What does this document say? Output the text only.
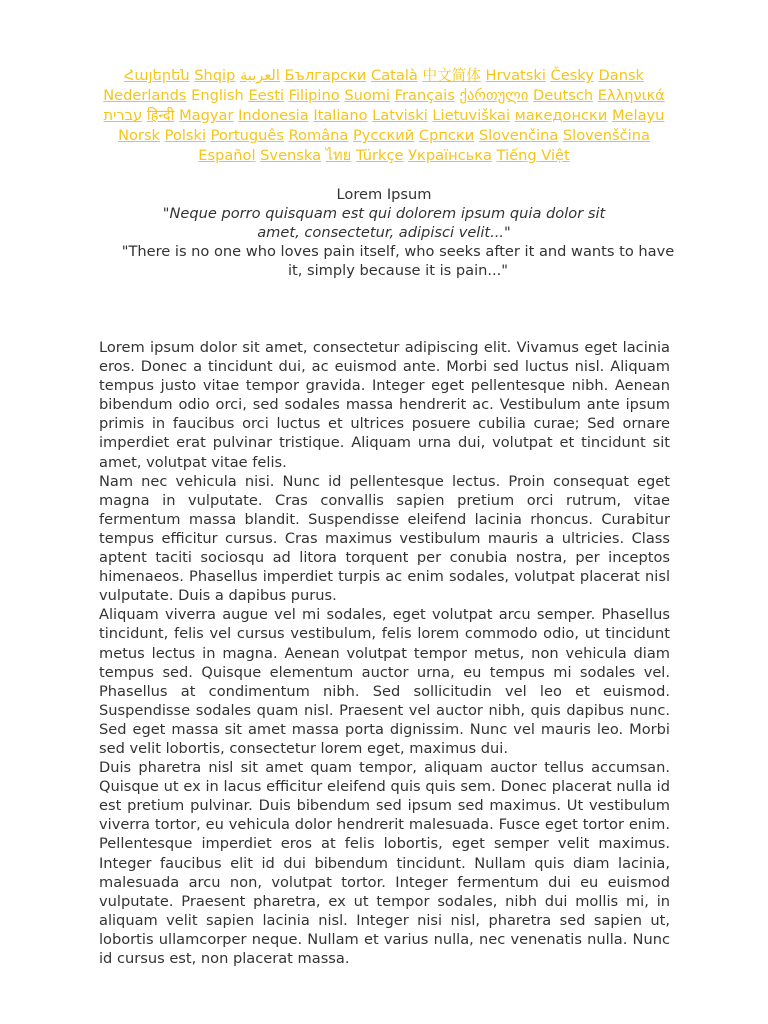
Հայերեն Shqip العربية Български Català 中文简体 Hrvatski Česky Dansk Nederlands English Eesti Filipino Suomi Français ქართული Deutsch Ελληνικά עברית हिन्दी Magyar Indonesia Italiano Latviski Lietuviškai македонски Melayu Norsk Polski Português Româna Pусский Српски Slovenčina Slovenščina Español Svenska ไทย Türkçe Українська Tiếng Việt
Lorem Ipsum
"Neque porro quisquam est qui dolorem ipsum quia dolor sit amet, consectetur, adipisci velit..."
"There is no one who loves pain itself, who seeks after it and wants to have it, simply because it is pain..."

Lorem ipsum dolor sit amet, consectetur adipiscing elit. Vivamus eget lacinia eros. Donec a tincidunt dui, ac euismod ante. Morbi sed luctus nisl. Aliquam tempus justo vitae tempor gravida. Integer eget pellentesque nibh. Aenean bibendum odio orci, sed sodales massa hendrerit ac. Vestibulum ante ipsum primis in faucibus orci luctus et ultrices posuere cubilia curae; Sed ornare imperdiet erat pulvinar tristique. Aliquam urna dui, volutpat et tincidunt sit amet, volutpat vitae felis.

Nam nec vehicula nisi. Nunc id pellentesque lectus. Proin consequat eget magna in vulputate. Cras convallis sapien pretium orci rutrum, vitae fermentum massa blandit. Suspendisse eleifend lacinia rhoncus. Curabitur tempus efficitur cursus. Cras maximus vestibulum mauris a ultricies. Class aptent taciti sociosqu ad litora torquent per conubia nostra, per inceptos himenaeos. Phasellus imperdiet turpis ac enim sodales, volutpat placerat nisl vulputate. Duis a dapibus purus.

Aliquam viverra augue vel mi sodales, eget volutpat arcu semper. Phasellus tincidunt, felis vel cursus vestibulum, felis lorem commodo odio, ut tincidunt metus lectus in magna. Aenean volutpat tempor metus, non vehicula diam tempus sed. Quisque elementum auctor urna, eu tempus mi sodales vel. Phasellus at condimentum nibh. Sed sollicitudin vel leo et euismod. Suspendisse sodales quam nisl. Praesent vel auctor nibh, quis dapibus nunc. Sed eget massa sit amet massa porta dignissim. Nunc vel mauris leo. Morbi sed velit lobortis, consectetur lorem eget, maximus dui.

Duis pharetra nisl sit amet quam tempor, aliquam auctor tellus accumsan. Quisque ut ex in lacus efficitur eleifend quis quis sem. Donec placerat nulla id est pretium pulvinar. Duis bibendum sed ipsum sed maximus. Ut vestibulum viverra tortor, eu vehicula dolor hendrerit malesuada. Fusce eget tortor enim. Pellentesque imperdiet eros at felis lobortis, eget semper velit maximus. Integer faucibus elit id dui bibendum tincidunt. Nullam quis diam lacinia, malesuada arcu non, volutpat tortor. Integer fermentum dui eu euismod vulputate. Praesent pharetra, ex ut tempor sodales, nibh dui mollis mi, in aliquam velit sapien lacinia nisl. Integer nisi nisl, pharetra sed sapien ut, lobortis ullamcorper neque. Nullam et varius nulla, nec venenatis nulla. Nunc id cursus est, non placerat massa.
